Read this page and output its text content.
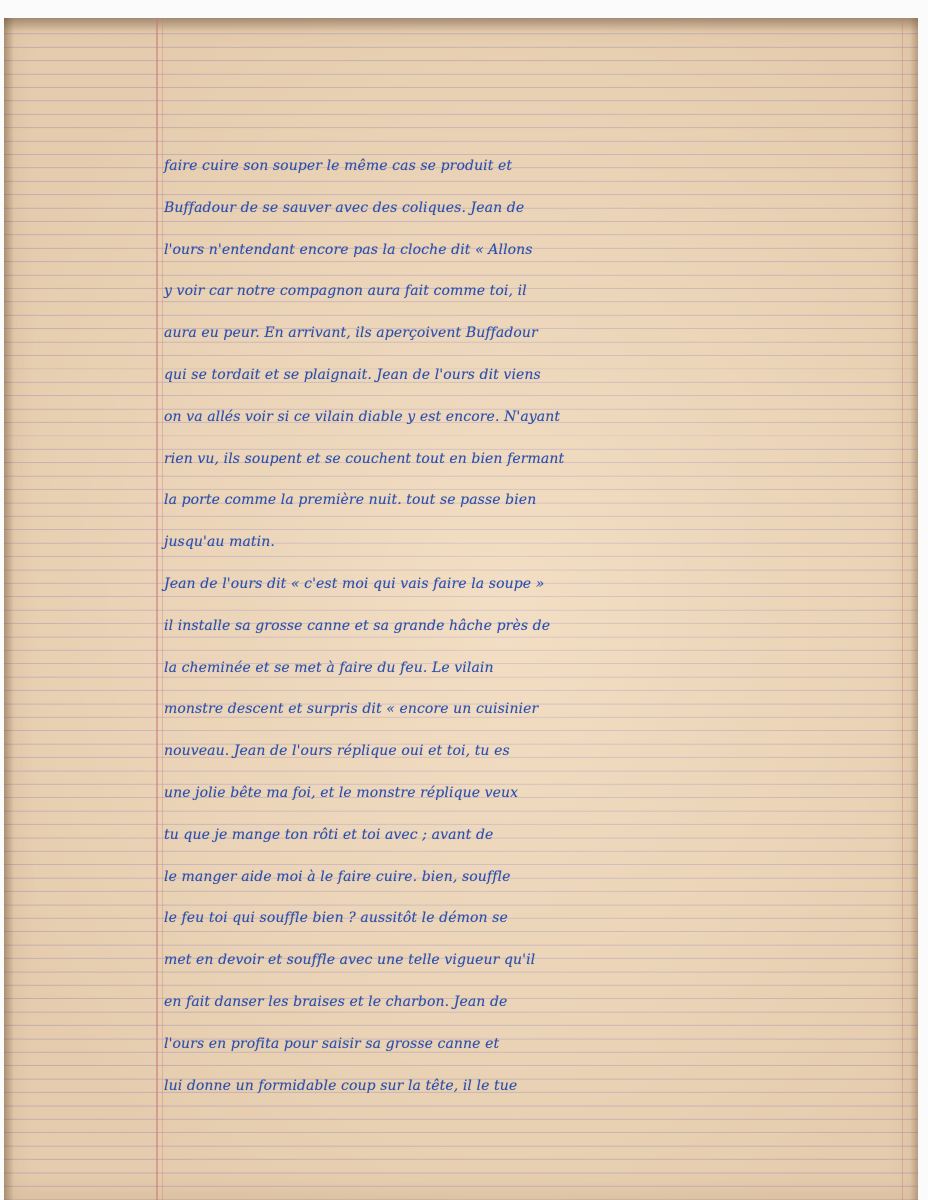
faire cuire son souper le même cas se produit et
Buffadour de se sauver avec des coliques. Jean de
l'ours n'entendant encore pas la cloche dit « Allons
y voir car notre compagnon aura fait comme toi, il
aura eu peur. En arrivant, ils aperçoivent Buffadour
qui se tordait et se plaignait. Jean de l'ours dit viens
on va allés voir si ce vilain diable y est encore. N'ayant
rien vu, ils soupent et se couchent tout en bien fermant
la porte comme la première nuit. tout se passe bien
jusqu'au matin.
Jean de l'ours dit « c'est moi qui vais faire la soupe »
il installe sa grosse canne et sa grande hâche près de
la cheminée et se met à faire du feu. Le vilain
monstre descent et surpris dit « encore un cuisinier
nouveau. Jean de l'ours réplique oui et toi, tu es
une jolie bête ma foi, et le monstre réplique veux
tu que je mange ton rôti et toi avec ; avant de
le manger aide moi à le faire cuire. bien, souffle
le feu toi qui souffle bien ? aussitôt le démon se
met en devoir et souffle avec une telle vigueur qu'il
en fait danser les braises et le charbon. Jean de
l'ours en profita pour saisir sa grosse canne et
lui donne un formidable coup sur la tête, il le tue
